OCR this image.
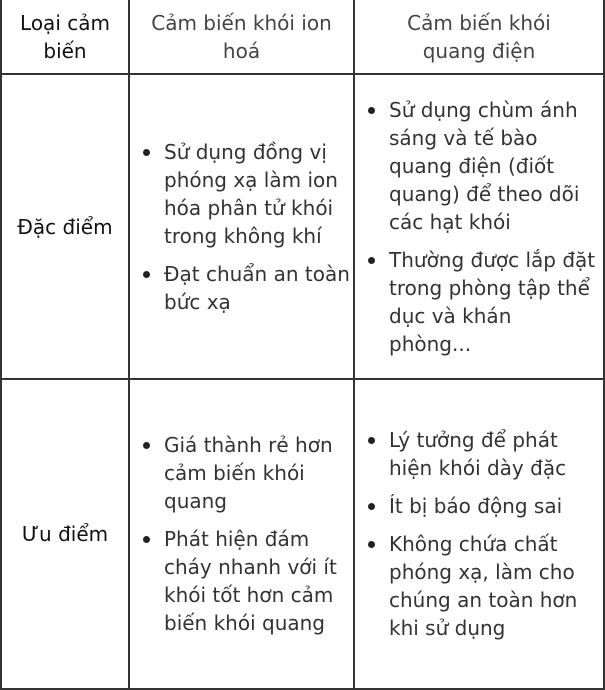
Loại cảm biến
Cảm biến khói ion hoá
Cảm biến khói quang điện
Đặc điểm
Sử dụng đồng vị phóng xạ làm ion hóa phân tử khói trong không khí
Đạt chuẩn an toàn bức xạ
Sử dụng chùm ánh sáng và tế bào quang điện (điốt quang) để theo dõi các hạt khói
Thường được lắp đặt trong phòng tập thể dục và khán phòng...
Ưu điểm
Giá thành rẻ hơn cảm biến khói quang
Phát hiện đám cháy nhanh với ít khói tốt hơn cảm biến khói quang
Lý tưởng để phát hiện khói dày đặc
Ít bị báo động sai
Không chứa chất phóng xạ, làm cho chúng an toàn hơn khi sử dụng
